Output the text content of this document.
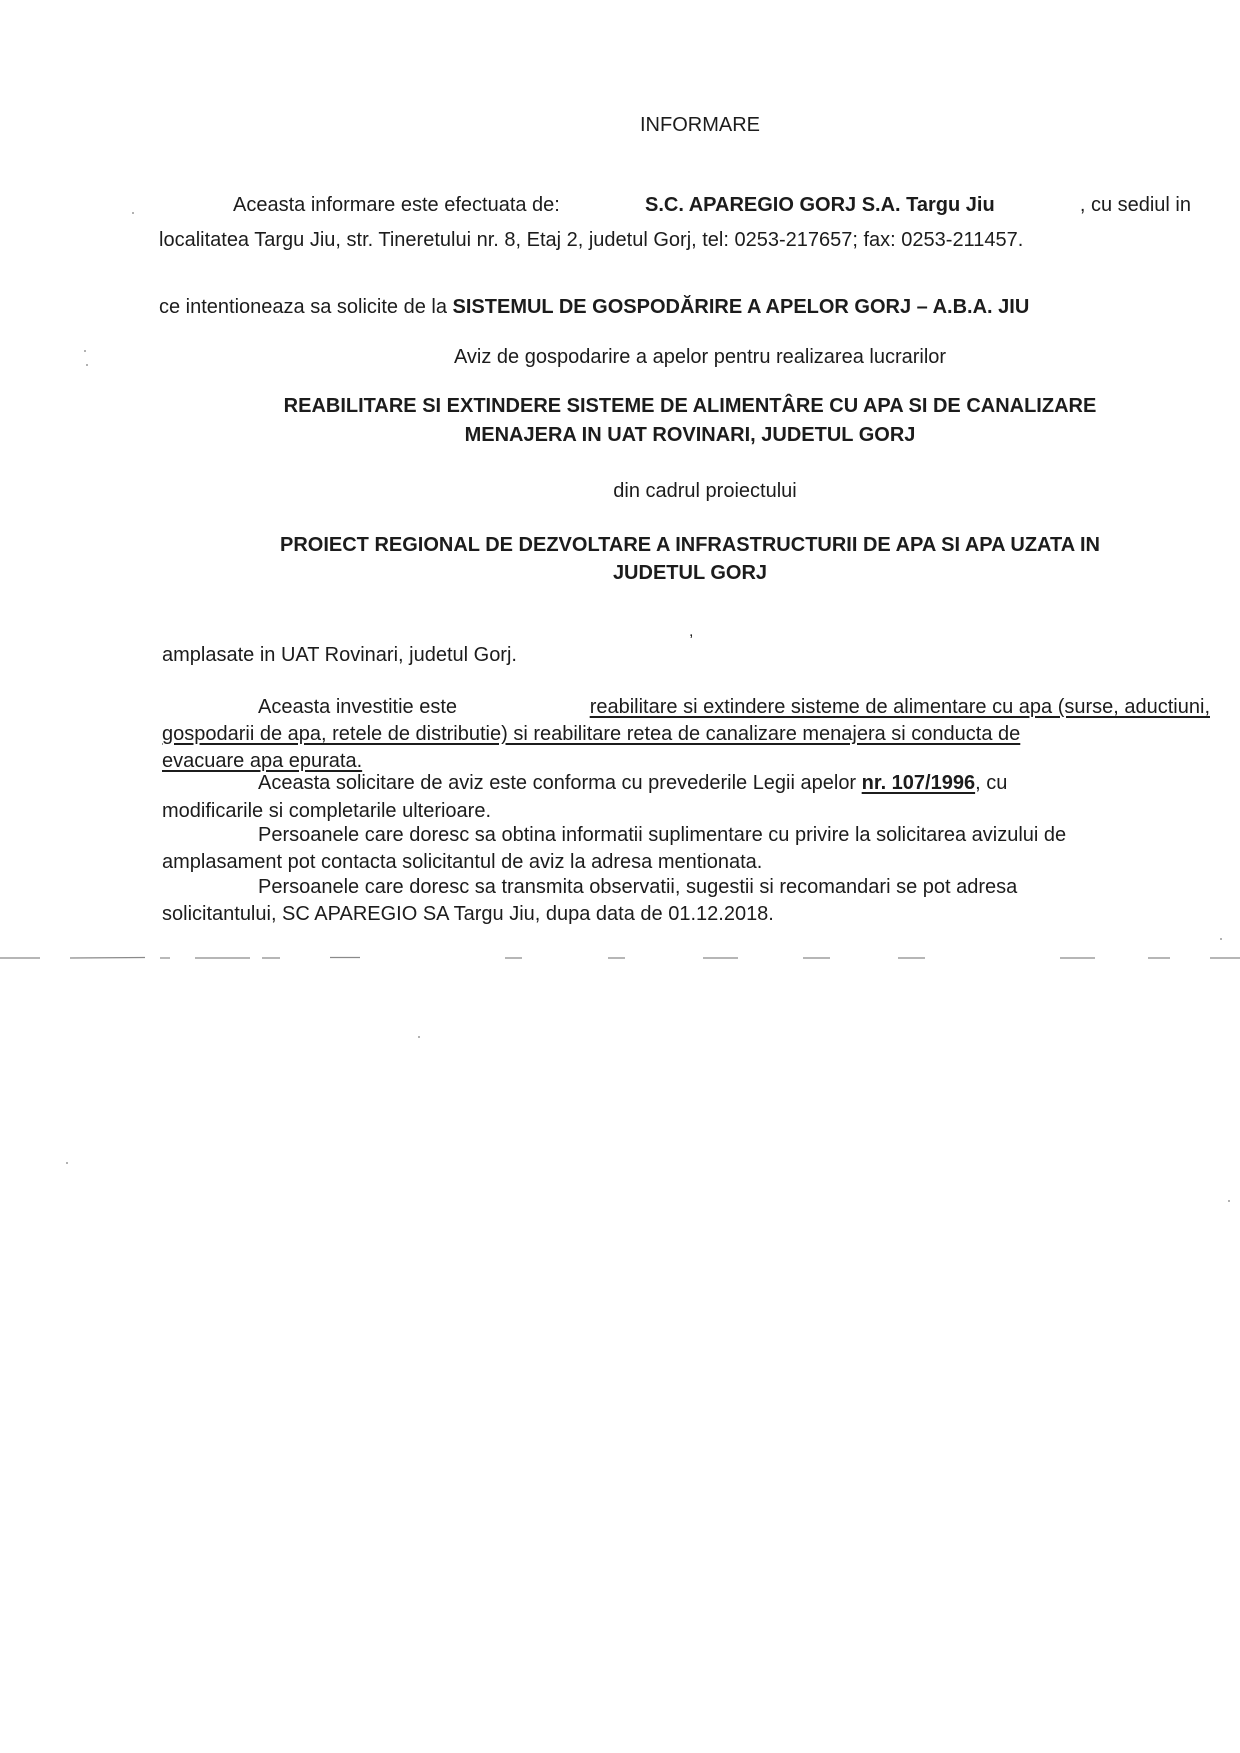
INFORMARE
Aceasta informare este efectuata de:	S.C. APAREGIO GORJ S.A. Targu Jiu	, cu sediul in
localitatea Targu Jiu, str. Tineretului nr. 8, Etaj 2, judetul Gorj, tel: 0253-217657; fax: 0253-211457.
ce intentioneaza sa solicite de la SISTEMUL DE GOSPODĂRIRE A APELOR GORJ – A.B.A. JIU
Aviz de gospodarire a apelor pentru realizarea lucrarilor
REABILITARE SI EXTINDERE SISTEME DE ALIMENTÂRE CU APA SI DE CANALIZARE
MENAJERA IN UAT ROVINARI, JUDETUL GORJ
din cadrul proiectului
PROIECT REGIONAL DE DEZVOLTARE A INFRASTRUCTURII DE APA SI APA UZATA IN
JUDETUL GORJ
,
amplasate in UAT Rovinari, judetul Gorj.
Aceasta investitie este	reabilitare si extindere sisteme de alimentare cu apa (surse, aductiuni,
gospodarii de apa, retele de distributie) si reabilitare retea de canalizare menajera si conducta de
evacuare apa epurata.
Aceasta solicitare de aviz este conforma cu prevederile Legii apelor nr. 107/1996, cu
modificarile si completarile ulterioare.
Persoanele care doresc sa obtina informatii suplimentare cu privire la solicitarea avizului de
amplasament pot contacta solicitantul de aviz la adresa mentionata.
Persoanele care doresc sa transmita observatii, sugestii si recomandari se pot adresa
solicitantului, SC APAREGIO SA Targu Jiu, dupa data de 01.12.2018.
